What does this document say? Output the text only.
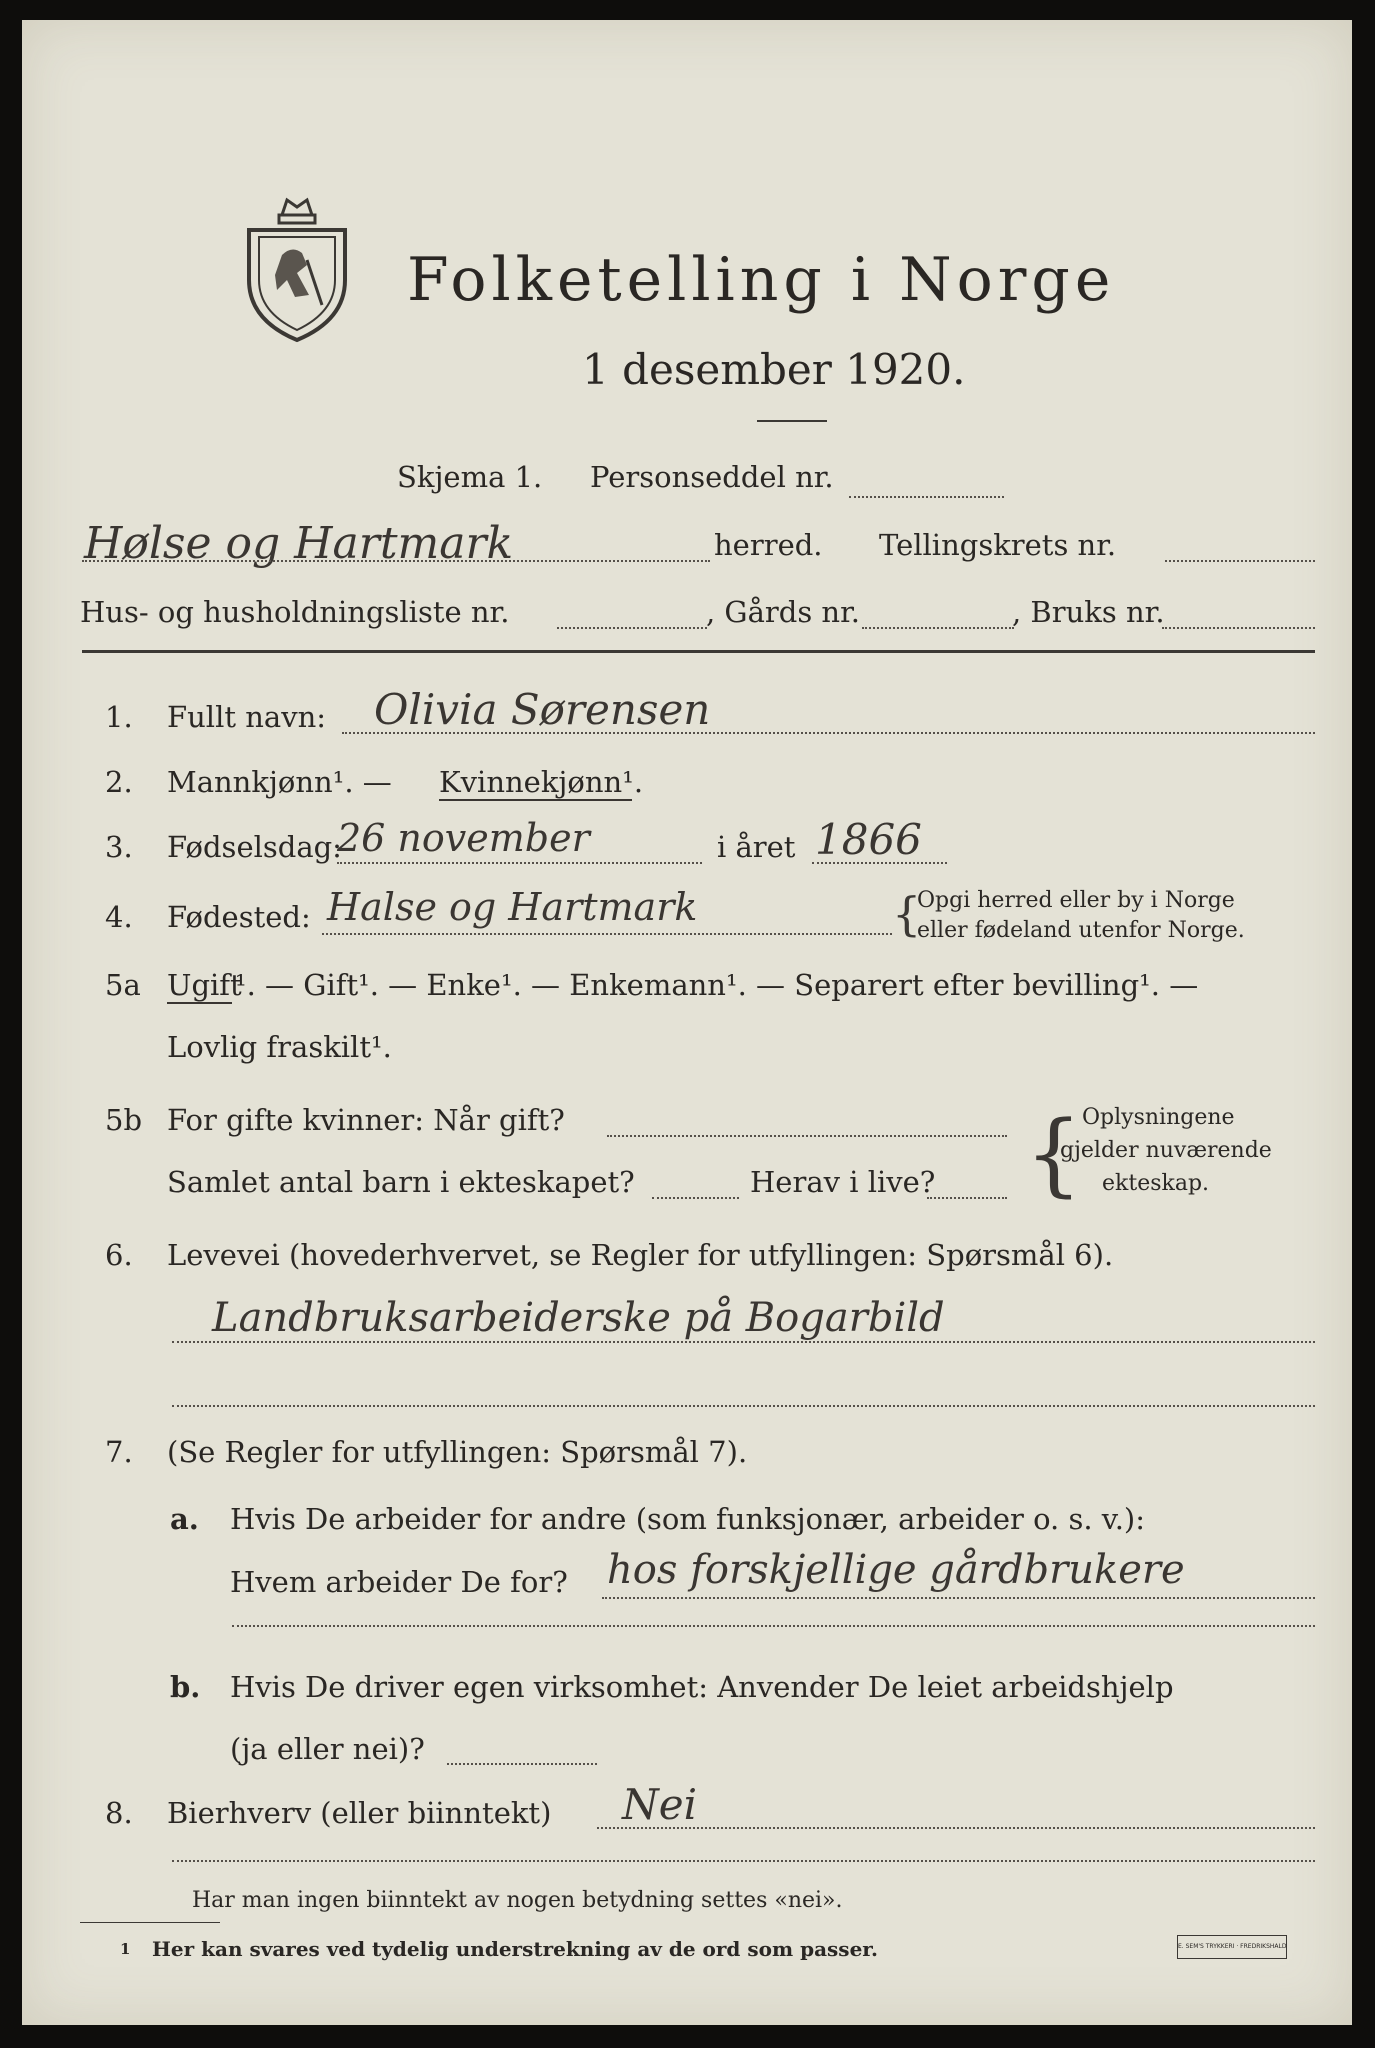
Folketelling i Norge
1 desember 1920.
Skjema 1. Personseddel nr.
Hølse og Hartmark	herred. Tellingskrets nr.
Hus- og husholdningsliste nr.	, Gårds nr.	, Bruks nr.
1. Fullt navn: Olivia Sørensen
2. Mannkjønn¹. — Kvinnekjønn¹.
3. Fødselsdag:
26 november	i året 1866
4. Fødested: Halse og Hartmark	{
Opgi herred eller by i Norge
eller fødeland utenfor Norge.
5a Ugift
¹. — Gift¹. — Enke¹. — Enkemann¹. — Separert efter bevilling¹. —
Lovlig fraskilt¹.
5b For gifte kvinner: Når gift?
Samlet antal barn i ekteskapet?	Herav i live? { Oplysningene
gjelder nuværende
ekteskap.
6. Levevei (hovederhvervet, se Regler for utfyllingen: Spørsmål 6).
Landbruksarbeiderske på Bogarbild
7. (Se Regler for utfyllingen: Spørsmål 7).
a. Hvis De arbeider for andre (som funksjonær, arbeider o. s. v.):
Hvem arbeider De for? hos forskjellige gårdbrukere
b. Hvis De driver egen virksomhet: Anvender De leiet arbeidshjelp
(ja eller nei)?
8. Bierhverv (eller biinntekt) Nei
Har man ingen biinntekt av nogen betydning settes «nei».
1 Her kan svares ved tydelig understrekning av de ord som passer.	E. SEM'S TRYKKERI · FREDRIKSHALD
